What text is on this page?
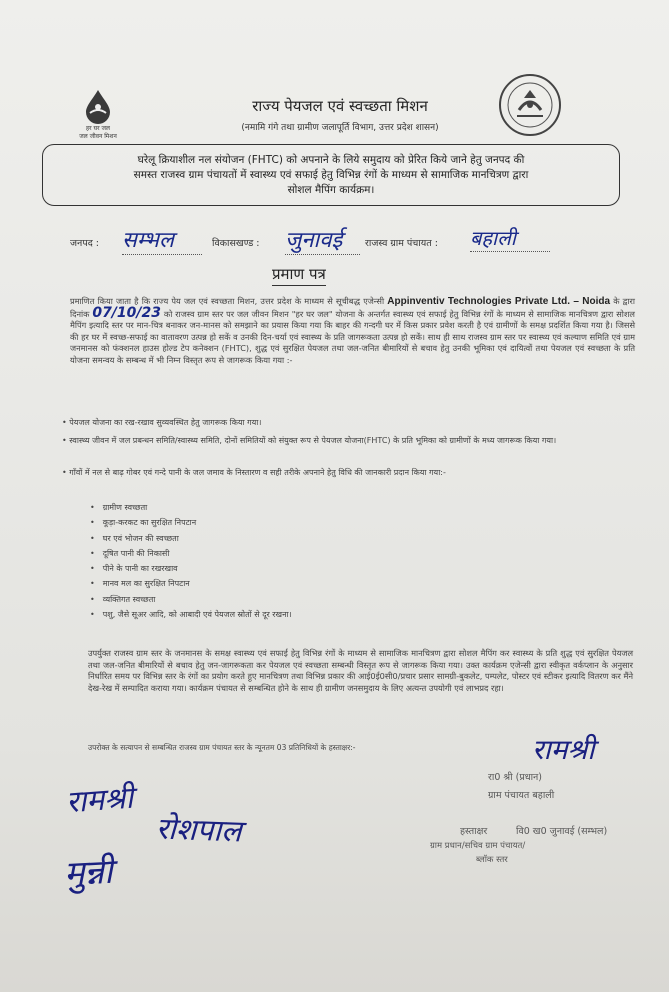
हर घर जल
जल जीवन मिशन
राज्य पेयजल एवं स्वच्छता मिशन
(नमामि गंगे तथा ग्रामीण जलापूर्ति विभाग, उत्तर प्रदेश शासन)
घरेलू क्रियाशील नल संयोजन (FHTC) को अपनाने के लिये समुदाय को प्रेरित किये जाने हेतु जनपद की
समस्त राजस्व ग्राम पंचायतों में स्वास्थ्य एवं सफाई हेतु विभिन्न रंगों के माध्यम से सामाजिक मानचित्रण द्वारा
सोशल मैपिंग कार्यक्रम।
जनपद : सम्भल	विकासखण्ड : जुनावई	राजस्व ग्राम पंचायत : बहाली
प्रमाण पत्र
प्रमाणित किया जाता है कि राज्य पेय जल एवं स्वच्छता मिशन, उत्तर प्रदेश के माध्यम से सूचीबद्ध एजेन्सी Appinventiv Technologies Private Ltd. – Noida के द्वारा दिनांक 07/10/23 को राजस्व ग्राम स्तर पर जल जीवन मिशन "हर घर जल" योजना के अन्तर्गत स्वास्थ्य एवं सफाई हेतु विभिन्न रंगों के माध्यम से सामाजिक मानचित्रण द्वारा सोशल मैपिंग इत्यादि स्तर पर मान-चित्र बनाकर जन-मानस को समझाने का प्रयास किया गया कि बाहर की गन्दगी घर में किस प्रकार प्रवेश करती है एवं ग्रामीणों के समक्ष प्रदर्शित किया गया है। जिससे की हर घर में स्वच्छ-सफाई का वातावरण उत्पन्न हो सकें व उनकी दिन-चर्या एवं स्वास्थ्य के प्रति जागरूकता उत्पन्न हो सकें। साथ ही साथ राजस्व ग्राम स्तर पर स्वास्थ्य एवं कल्याण समिति एवं ग्राम जनमानस को फंक्शनल हाउस होल्ड टेप कनेक्शन (FHTC), शुद्ध एवं सुरक्षित पेयजल तथा जल-जनित बीमारियों से बचाव हेतु उनकी भूमिका एवं दायित्वों तथा पेयजल एवं स्वच्छता के प्रति योजना समन्वय के सम्बन्ध में भी निम्न विस्तृत रूप से जागरूक किया गया :-
• पेयजल योजना का रख-रखाव सुव्यवस्थित हेतु जागरूक किया गया।
• स्वास्थ्य जीवन में जल प्रबन्धन समिति/स्वास्थ्य समिति, दोनों समितियों को संयुक्त रूप से पेयजल योजना(FHTC) के प्रति भूमिका को ग्रामीणों के मध्य जागरूक किया गया।
• गाँवों में नल से बाढ़ गोबर एवं गन्दे पानी के जल जमाव के निस्तारण व सही तरीके अपनाने हेतु विधि की जानकारी प्रदान किया गया:-
• ग्रामीण स्वच्छता
• कूड़ा-करकट का सुरक्षित निपटान
• घर एवं भोजन की स्वच्छता
• दूषित पानी की निकासी
• पीने के पानी का रखरखाव
• मानव मल का सुरक्षित निपटान
• व्यक्तिगत स्वच्छता
• पशु, जैसे सूअर आदि, को आबादी एवं पेयजल स्रोतों से दूर रखना।
उपर्युक्त राजस्व ग्राम स्तर के जनमानस के समक्ष स्वास्थ्य एवं सफाई हेतु विभिन्न रंगों के माध्यम से सामाजिक मानचित्रण द्वारा सोशल मैपिंग कर स्वास्थ्य के प्रति शुद्ध एवं सुरक्षित पेयजल तथा जल-जनित बीमारियों से बचाव हेतु जन-जागरूकता कर पेयजल एवं स्वच्छता सम्बन्धी विस्तृत रूप से जागरूक किया गया। उक्त कार्यक्रम एजेन्सी द्वारा स्वीकृत वर्कप्लान के अनुसार निर्धारित समय पर विभिन्न स्तर के रंगों का प्रयोग करते हुए मानचित्रण तथा विभिन्न प्रकार की आई0ई0सी0/प्रचार प्रसार सामग्री-बुकलेट, पम्पलेट, पोस्टर एवं स्टीकर इत्यादि वितरण कर मैंने देख-रेख में सम्पादित कराया गया। कार्यक्रम पंचायत से सम्बन्धित होने के साथ ही ग्रामीण जनसमुदाय के लिए अत्यन्त उपयोगी एवं लाभप्रद रहा।
उपरोक्त के सत्यापन से सम्बन्धित राजस्व ग्राम पंचायत स्तर के न्यूनतम 03 प्रतिनिधियों के हस्ताक्षर:-
रामश्री
रोशपाल
मुन्नी
रामश्री
रा0 श्री (प्रधान)
ग्राम पंचायत बहाली
हस्ताक्षर	वि0 ख0 जुनावई (सम्भल)
ग्राम प्रधान/सचिव ग्राम पंचायत/
ब्लॉक स्तर
